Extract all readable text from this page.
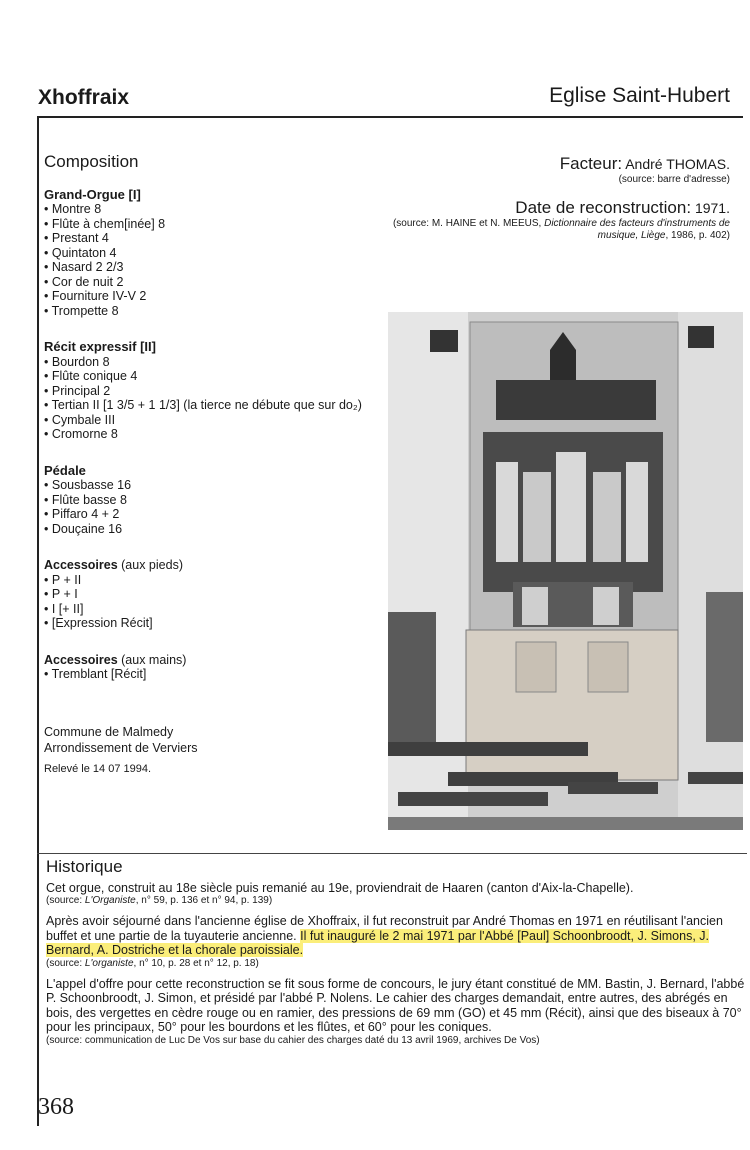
Xhoffraix	Eglise Saint-Hubert
Composition
Grand-Orgue [I]
• Montre 8
• Flûte à chem[inée] 8
• Prestant 4
• Quintaton 4
• Nasard 2 2/3
• Cor de nuit 2
• Fourniture IV-V 2
• Trompette 8
Récit expressif [II]
• Bourdon 8
• Flûte conique 4
• Principal 2
• Tertian II [1 3/5 + 1 1/3] (la tierce ne débute que sur do₂)
• Cymbale III
• Cromorne 8
Pédale
• Sousbasse 16
• Flûte basse 8
• Piffaro 4 + 2
• Douçaine 16
Accessoires (aux pieds)
• P + II
• P + I
• I [+ II]
• [Expression Récit]
Accessoires (aux mains)
• Tremblant [Récit]
Commune de Malmedy
Arrondissement de Verviers
Relevé le 14 07 1994.
Facteur: André THOMAS.
(source: barre d'adresse)
Date de reconstruction: 1971.
(source: M. HAINE et N. MEEUS, Dictionnaire des facteurs d'instruments de musique, Liège, 1986, p. 402)
Historique

Cet orgue, construit au 18e siècle puis remanié au 19e, proviendrait de Haaren (canton d'Aix-la-Chapelle).

(source: L'Organiste, n° 59, p. 136 et n° 94, p. 139)

Après avoir séjourné dans l'ancienne église de Xhoffraix, il fut reconstruit par André Thomas en 1971 en réutilisant l'ancien buffet et une partie de la tuyauterie ancienne. Il fut inauguré le 2 mai 1971 par l'Abbé [Paul] Schoonbroodt, J. Simons, J. Bernard, A. Dostriche et la chorale paroissiale.

(source: L'organiste, n° 10, p. 28 et n° 12, p. 18)

L'appel d'offre pour cette reconstruction se fit sous forme de concours, le jury étant constitué de MM. Bastin, J. Bernard, l'abbé P. Schoonbroodt, J. Simon, et présidé par l'abbé P. Nolens. Le cahier des charges demandait, entre autres, des abrégés en bois, des vergettes en cèdre rouge ou en ramier, des pressions de 69 mm (GO) et 45 mm (Récit), ainsi que des biseaux à 70° pour les principaux, 50° pour les bourdons et les flûtes, et 60° pour les coniques.

(source: communication de Luc De Vos sur base du cahier des charges daté du 13 avril 1969, archives De Vos)
368
